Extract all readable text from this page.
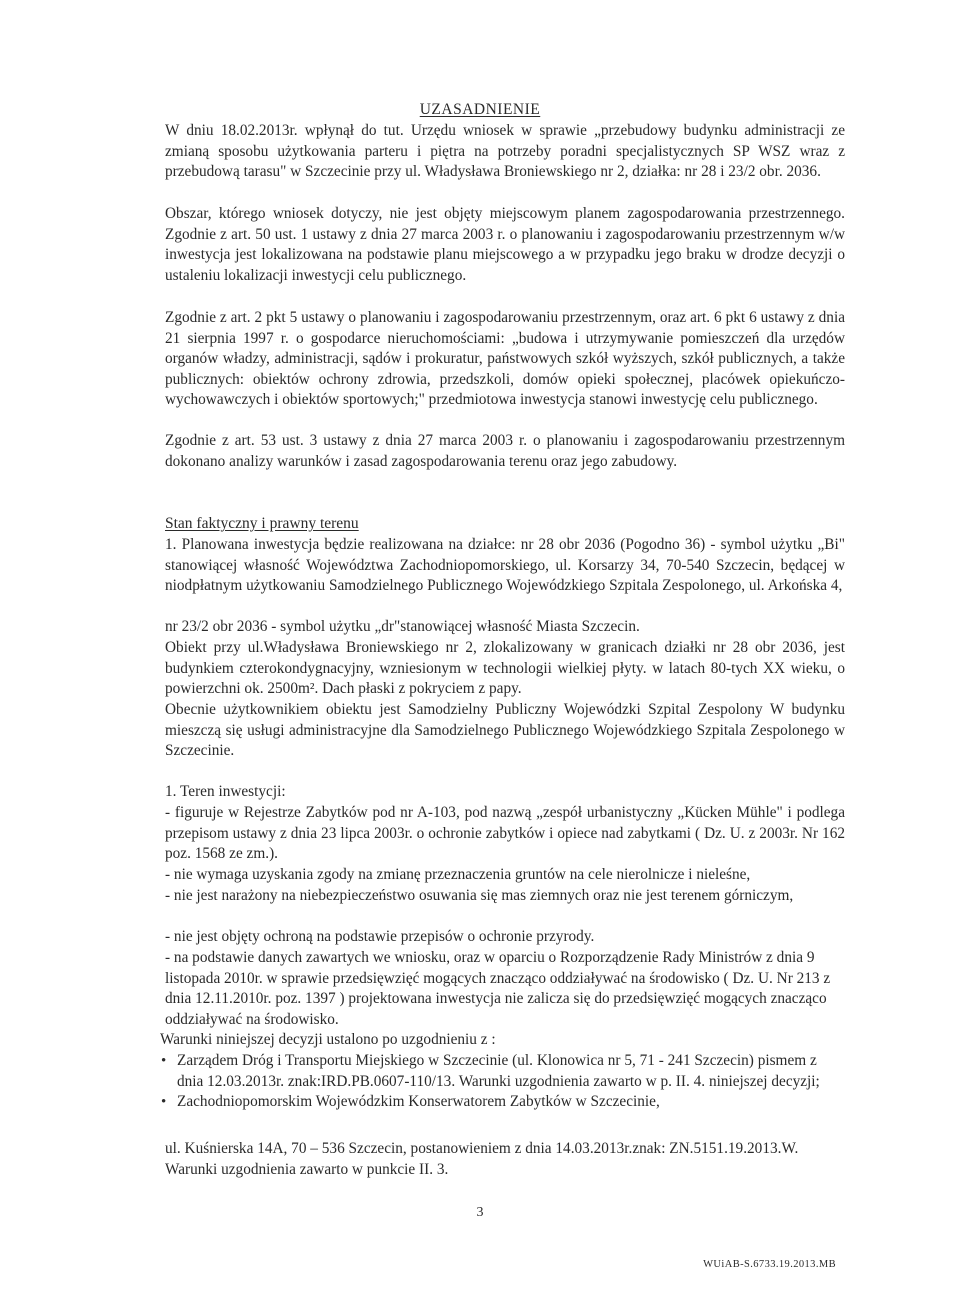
UZASADNIENIE
W dniu 18.02.2013r. wpłynął do tut. Urzędu wniosek w sprawie „przebudowy budynku administracji ze zmianą sposobu użytkowania parteru i piętra na potrzeby poradni specjalistycznych SP WSZ wraz z przebudową tarasu" w Szczecinie przy ul. Władysława Broniewskiego nr 2, działka: nr 28 i 23/2 obr. 2036.
Obszar, którego wniosek dotyczy, nie jest objęty miejscowym planem zagospodarowania przestrzennego. Zgodnie z art. 50 ust. 1 ustawy z dnia 27 marca 2003 r. o planowaniu i zagospodarowaniu przestrzennym w/w inwestycja jest lokalizowana na podstawie planu miejscowego a w przypadku jego braku w drodze decyzji o ustaleniu lokalizacji inwestycji celu publicznego.
Zgodnie z art. 2 pkt 5 ustawy o planowaniu i zagospodarowaniu przestrzennym, oraz art. 6 pkt 6 ustawy z dnia 21 sierpnia 1997 r. o gospodarce nieruchomościami: „budowa i utrzymywanie pomieszczeń dla urzędów organów władzy, administracji, sądów i prokuratur, państwowych szkół wyższych, szkół publicznych, a także publicznych: obiektów ochrony zdrowia, przedszkoli, domów opieki społecznej, placówek opiekuńczo-wychowawczych i obiektów sportowych;" przedmiotowa inwestycja stanowi inwestycję celu publicznego.
Zgodnie z art. 53 ust. 3 ustawy z dnia 27 marca 2003 r. o planowaniu i zagospodarowaniu przestrzennym dokonano analizy warunków i zasad zagospodarowania terenu oraz jego zabudowy.
Stan faktyczny i prawny terenu
1. Planowana inwestycja będzie realizowana na działce: nr 28 obr 2036 (Pogodno 36) - symbol użytku „Bi" stanowiącej własność Województwa Zachodniopomorskiego, ul. Korsarzy 34, 70-540 Szczecin, będącej w niodpłatnym użytkowaniu Samodzielnego Publicznego Wojewódzkiego Szpitala Zespolonego, ul. Arkońska 4,
nr 23/2 obr 2036 - symbol użytku „dr"stanowiącej własność Miasta Szczecin.
Obiekt przy ul.Władysława Broniewskiego nr 2, zlokalizowany w granicach działki nr 28 obr 2036, jest budynkiem czterokondygnacyjny, wzniesionym w technologii wielkiej płyty. w latach 80-tych XX wieku, o powierzchni ok. 2500m². Dach płaski z pokryciem z papy.
Obecnie użytkownikiem obiektu jest Samodzielny Publiczny Wojewódzki Szpital Zespolony W budynku mieszczą się usługi administracyjne dla Samodzielnego Publicznego Wojewódzkiego Szpitala Zespolonego w Szczecinie.
1. Teren inwestycji:
- figuruje w Rejestrze Zabytków pod nr A-103, pod nazwą „zespół urbanistyczny „Kücken Mühle" i podlega przepisom ustawy z dnia 23 lipca 2003r. o ochronie zabytków i opiece nad zabytkami ( Dz. U. z 2003r. Nr 162 poz. 1568 ze zm.).
- nie wymaga uzyskania zgody na zmianę przeznaczenia gruntów na cele nierolnicze i nieleśne,
- nie jest narażony na niebezpieczeństwo osuwania się mas ziemnych oraz nie jest terenem górniczym,
- nie jest objęty ochroną na podstawie przepisów o ochronie przyrody.
- na podstawie danych zawartych we wniosku, oraz w oparciu o Rozporządzenie Rady Ministrów z dnia 9 listopada 2010r. w sprawie przedsięwzięć mogących znacząco oddziaływać na środowisko ( Dz. U. Nr 213 z dnia 12.11.2010r. poz. 1397 ) projektowana inwestycja nie zalicza się do przedsięwzięć mogących znacząco oddziaływać na środowisko.
Warunki niniejszej decyzji ustalono po uzgodnieniu z :
• Zarządem Dróg i Transportu Miejskiego w Szczecinie (ul. Klonowica nr 5, 71 - 241 Szczecin) pismem z dnia 12.03.2013r. znak:IRD.PB.0607-110/13. Warunki uzgodnienia zawarto w p. II. 4. niniejszej decyzji;
• Zachodniopomorskim Wojewódzkim Konserwatorem Zabytków w Szczecinie,
ul. Kuśnierska 14A, 70 – 536 Szczecin, postanowieniem z dnia 14.03.2013r.znak: ZN.5151.19.2013.W. Warunki uzgodnienia zawarto w punkcie II. 3.
3
WUiAB-S.6733.19.2013.MB
